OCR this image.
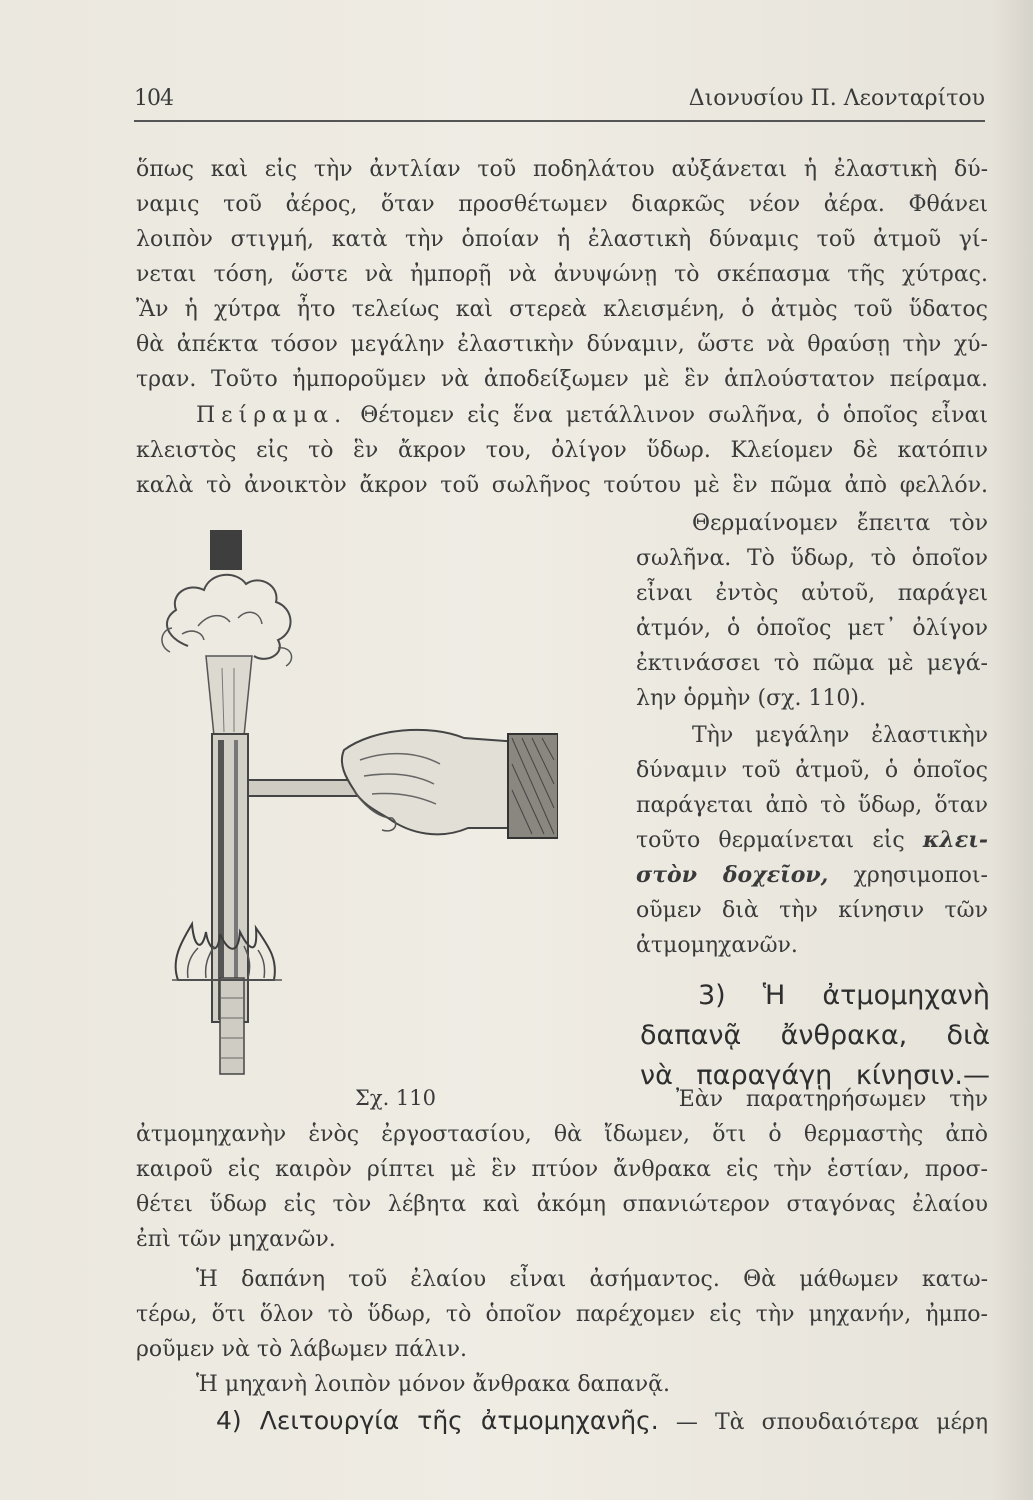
104	Διονυσίου Π. Λεονταρίτου
ὅπως καὶ εἰς τὴν ἀντλίαν τοῦ ποδηλάτου αὐξάνεται ἡ ἐλαστικὴ δύ-
ναμις τοῦ ἀέρος, ὅταν προσθέτωμεν διαρκῶς νέον ἀέρα. Φθάνει
λοιπὸν στιγμή, κατὰ τὴν ὁποίαν ἡ ἐλαστικὴ δύναμις τοῦ ἀτμοῦ γί-
νεται τόση, ὥστε νὰ ἠμπορῇ νὰ ἀνυψώνῃ τὸ σκέπασμα τῆς χύτρας.
Ἂν ἡ χύτρα ἦτο τελείως καὶ στερεὰ κλεισμένη, ὁ ἀτμὸς τοῦ ὕδατος
θὰ ἀπέκτα τόσον μεγάλην ἐλαστικὴν δύναμιν, ὥστε νὰ θραύσῃ τὴν χύ-
τραν. Τοῦτο ἠμποροῦμεν νὰ ἀποδείξωμεν μὲ ἓν ἁπλούστατον πείραμα.
Πείραμα. Θέτομεν εἰς ἕνα μετάλλινον σωλῆνα, ὁ ὁποῖος εἶναι
κλειστὸς εἰς τὸ ἓν ἄκρον του, ὀλίγον ὕδωρ. Κλείομεν δὲ κατόπιν
καλὰ τὸ ἀνοικτὸν ἄκρον τοῦ σωλῆνος τούτου μὲ ἓν πῶμα ἀπὸ φελλόν.
Θερμαίνομεν ἔπειτα τὸν
σωλῆνα. Τὸ ὕδωρ, τὸ ὁποῖον
εἶναι ἐντὸς αὐτοῦ, παράγει
ἀτμόν, ὁ ὁποῖος μετ᾽ ὀλίγον
ἐκτινάσσει τὸ πῶμα μὲ μεγά-
λην ὁρμὴν (σχ. 110).
Τὴν μεγάλην ἐλαστικὴν
δύναμιν τοῦ ἀτμοῦ, ὁ ὁποῖος
παράγεται ἀπὸ τὸ ὕδωρ, ὅταν
τοῦτο θερμαίνεται εἰς κλει-
στὸν δοχεῖον, χρησιμοποι-
οῦμεν διὰ τὴν κίνησιν τῶν
ἀτμομηχανῶν.
3) Ἡ ἀτμομηχανὴ
δαπανᾷ ἄνθρακα, διὰ
νὰ παραγάγῃ κίνησιν.—
Σχ. 110	Ἐὰν παρατηρήσωμεν τὴν
ἀτμομηχανὴν ἑνὸς ἐργοστασίου, θὰ ἴδωμεν, ὅτι ὁ θερμαστὴς ἀπὸ
καιροῦ εἰς καιρὸν ρίπτει μὲ ἓν πτύον ἄνθρακα εἰς τὴν ἑστίαν, προσ-
θέτει ὕδωρ εἰς τὸν λέβητα καὶ ἀκόμη σπανιώτερον σταγόνας ἐλαίου
ἐπὶ τῶν μηχανῶν.
Ἡ δαπάνη τοῦ ἐλαίου εἶναι ἀσήμαντος. Θὰ μάθωμεν κατω-
τέρω, ὅτι ὅλον τὸ ὕδωρ, τὸ ὁποῖον παρέχομεν εἰς τὴν μηχανήν, ἠμπο-
ροῦμεν νὰ τὸ λάβωμεν πάλιν.
Ἡ μηχανὴ λοιπὸν μόνον ἄνθρακα δαπανᾷ.
4) Λειτουργία τῆς ἀτμομηχανῆς. — Τὰ σπουδαιότερα μέρη
